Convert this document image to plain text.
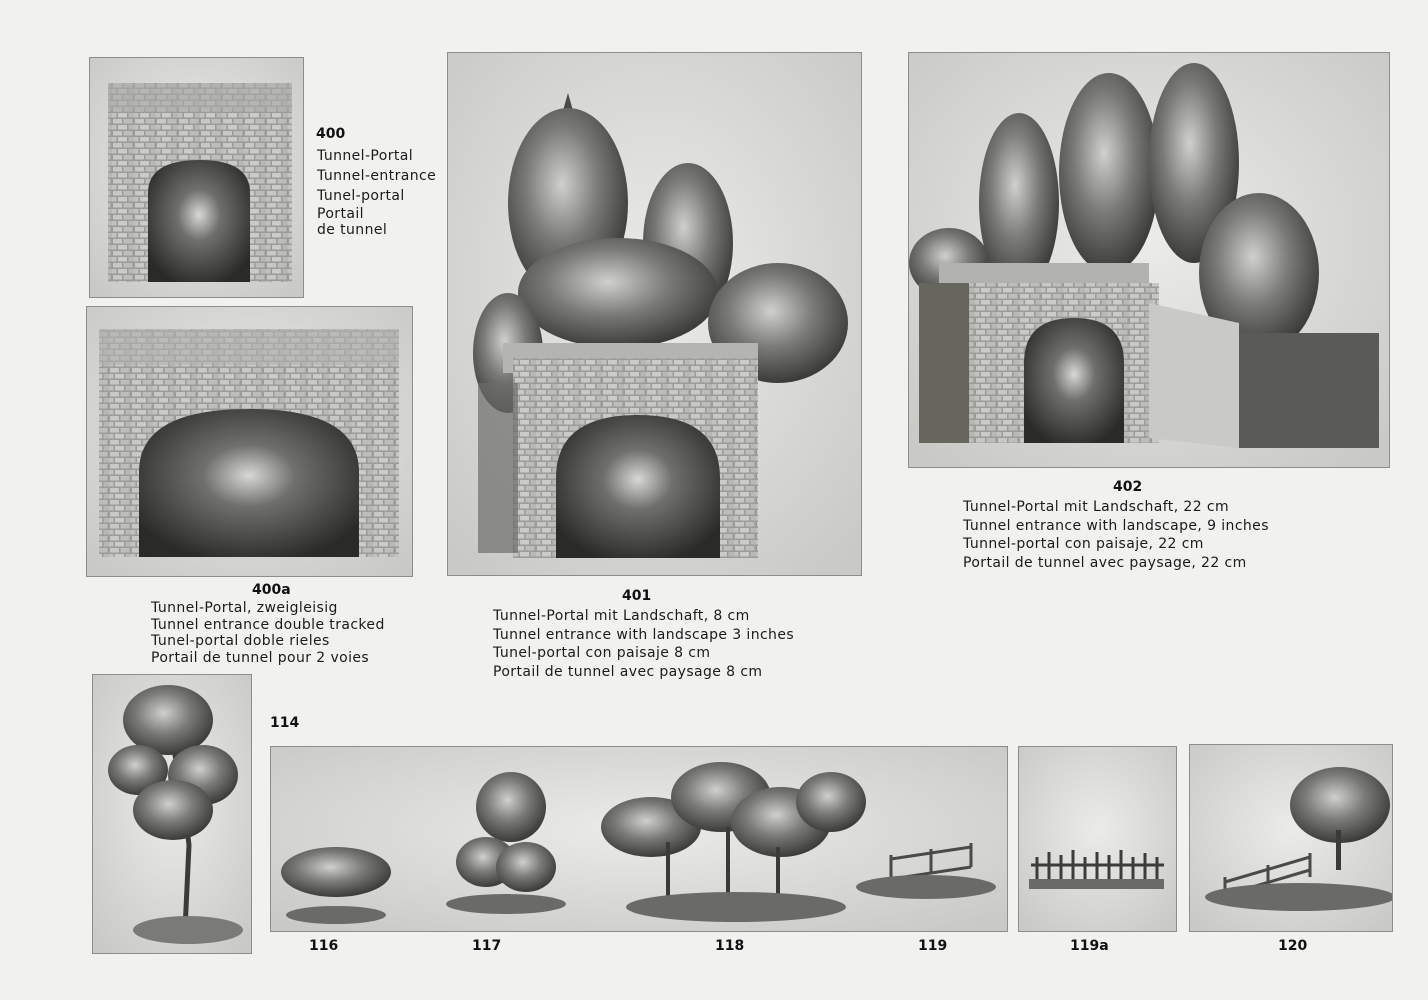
400
Tunnel-Portal
Tunnel-entrance
Tunel-portal
Portail
de tunnel
400a
Tunnel-Portal, zweigleisig
Tunnel entrance double tracked
Tunel-portal doble rieles
Portail de tunnel pour 2 voies
401
Tunnel-Portal mit Landschaft, 8 cm
Tunnel entrance with landscape 3 inches
Tunel-portal con paisaje 8 cm
Portail de tunnel avec paysage 8 cm
402
Tunnel-Portal mit Landschaft, 22 cm
Tunnel entrance with landscape, 9 inches
Tunnel-portal con paisaje, 22 cm
Portail de tunnel avec paysage, 22 cm
114
116	117	118	119	119a	120
